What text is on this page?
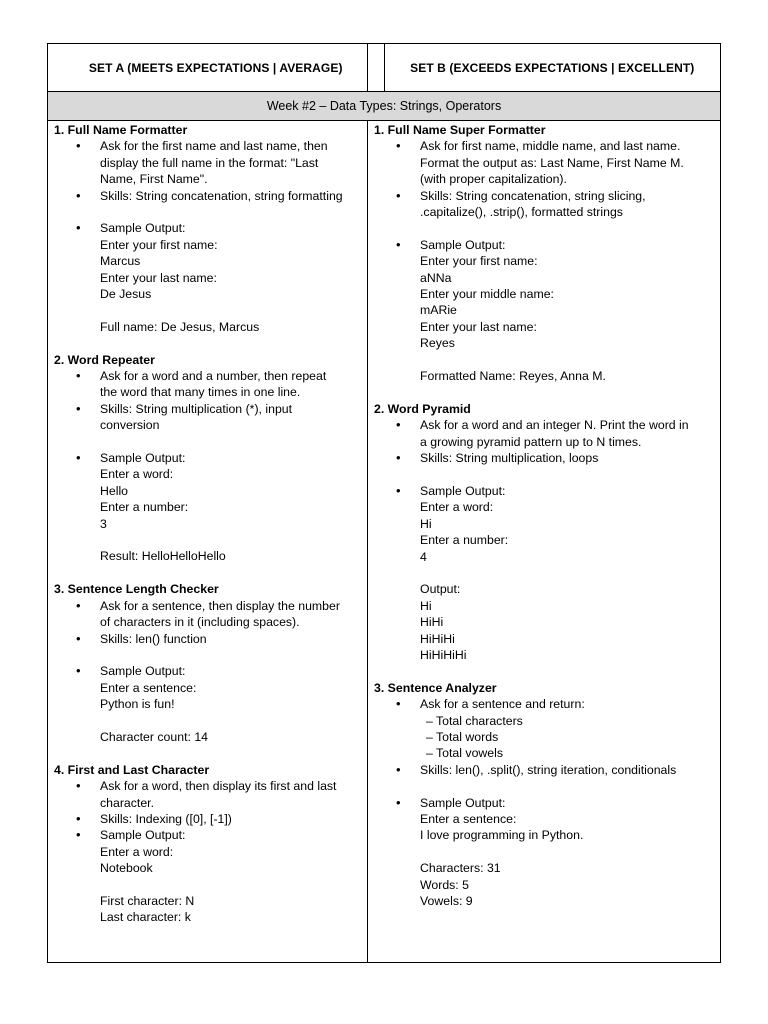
SET A (MEETS EXPECTATIONS | AVERAGE)	SET B (EXCEEDS EXPECTATIONS | EXCELLENT)
Week #2 – Data Types: Strings, Operators
1. Full Name Formatter
• Ask for the first name and last name, then
display the full name in the format: "Last
Name, First Name".
• Skills: String concatenation, string formatting
• Sample Output:
Enter your first name:
Marcus
Enter your last name:
De Jesus
Full name: De Jesus, Marcus
2. Word Repeater
• Ask for a word and a number, then repeat
the word that many times in one line.
• Skills: String multiplication (*), input
conversion
• Sample Output:
Enter a word:
Hello
Enter a number:
3
Result: HelloHelloHello
3. Sentence Length Checker
• Ask for a sentence, then display the number
of characters in it (including spaces).
• Skills: len() function
• Sample Output:
Enter a sentence:
Python is fun!
Character count: 14
4. First and Last Character
• Ask for a word, then display its first and last
character.
• Skills: Indexing ([0], [-1])
• Sample Output:
Enter a word:
Notebook
First character: N
Last character: k
1. Full Name Super Formatter
• Ask for first name, middle name, and last name.
Format the output as: Last Name, First Name M.
(with proper capitalization).
• Skills: String concatenation, string slicing,
.capitalize(), .strip(), formatted strings
• Sample Output:
Enter your first name:
aNNa
Enter your middle name:
mARie
Enter your last name:
Reyes
Formatted Name: Reyes, Anna M.
2. Word Pyramid
• Ask for a word and an integer N. Print the word in
a growing pyramid pattern up to N times.
• Skills: String multiplication, loops
• Sample Output:
Enter a word:
Hi
Enter a number:
4
Output:
Hi
HiHi
HiHiHi
HiHiHiHi
3. Sentence Analyzer
• Ask for a sentence and return:
– Total characters
– Total words
– Total vowels
• Skills: len(), .split(), string iteration, conditionals
• Sample Output:
Enter a sentence:
I love programming in Python.
Characters: 31
Words: 5
Vowels: 9
